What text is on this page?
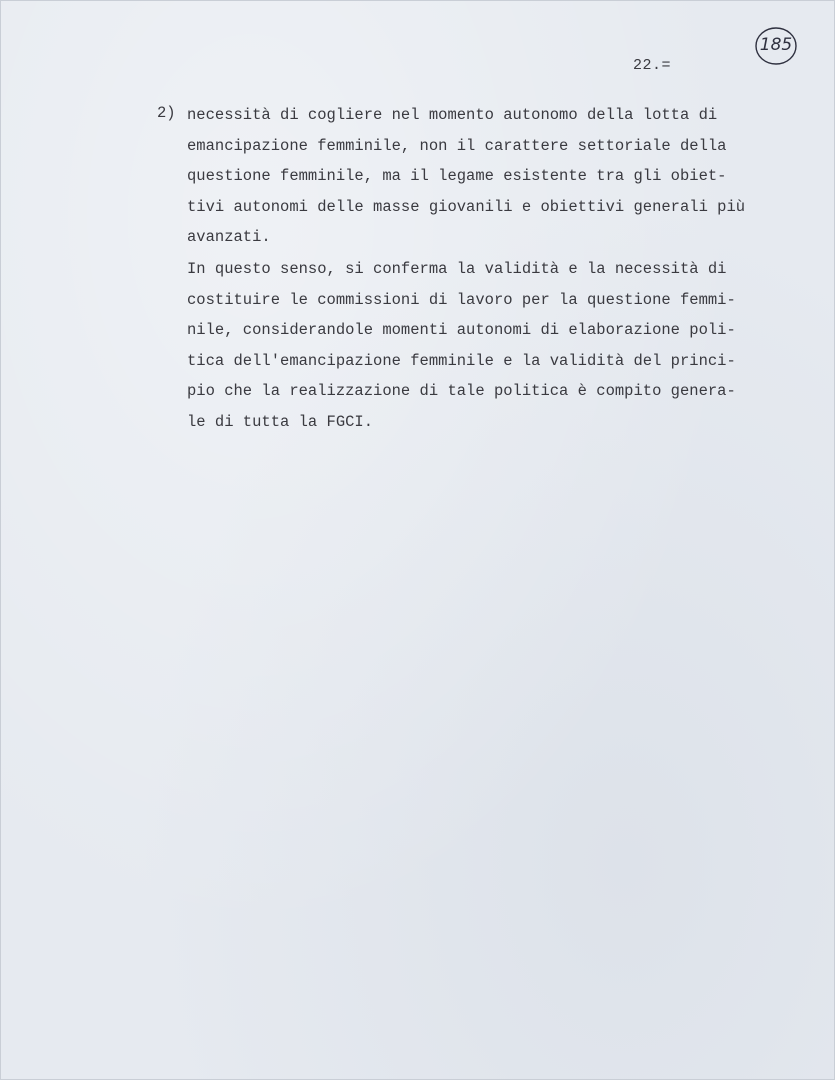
22.=
185
2) necessità di cogliere nel momento autonomo della lotta di
emancipazione femminile, non il carattere settoriale della
questione femminile, ma il legame esistente tra gli obiet-
tivi autonomi delle masse giovanili e obiettivi generali più
avanzati.
In questo senso, si conferma la validità e la necessità di
costituire le commissioni di lavoro per la questione femmi-
nile, considerandole momenti autonomi di elaborazione poli-
tica dell'emancipazione femminile e la validità del princi-
pio che la realizzazione di tale politica è compito genera-
le di tutta la FGCI.
